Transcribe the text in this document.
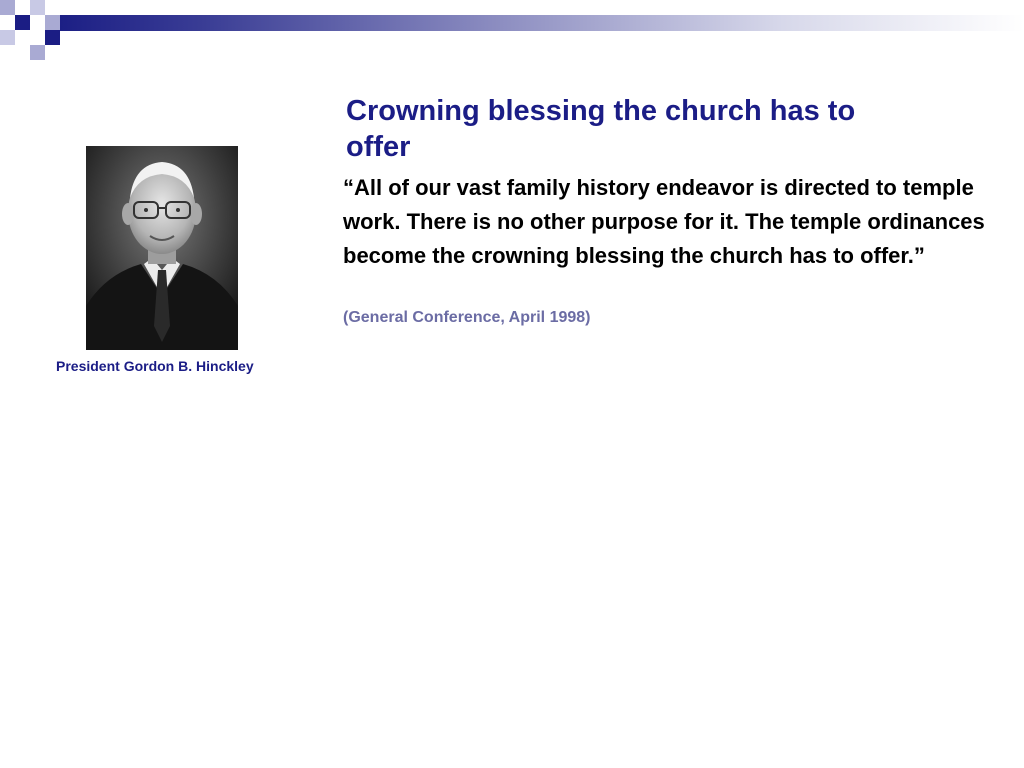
Crowning blessing the church has to offer
President Gordon B. Hinckley
“All of our vast family history endeavor is directed to temple work. There is no other purpose for it. The temple ordinances become the crowning blessing the church has to offer.”
(General Conference, April 1998)
